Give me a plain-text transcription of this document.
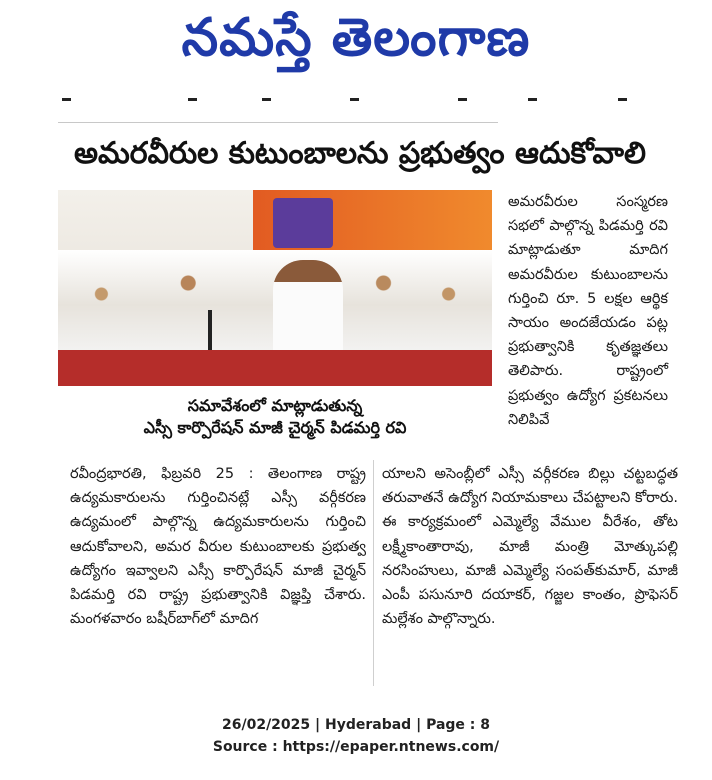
నమస్తే తెలంగాణ
అమరవీరుల కుటుంబాలను ప్రభుత్వం ఆదుకోవాలి
సమావేశంలో మాట్లాడుతున్న
ఎస్సీ కార్పొరేషన్ మాజీ చైర్మన్ పిడమర్తి రవి
అమరవీరుల సంస్మరణ సభలో పాల్గొన్న పిడమర్తి రవి మాట్లాడుతూ మాదిగ అమరవీరుల కుటుంబాలను గుర్తించి రూ. 5 లక్షల ఆర్థిక సాయం అందజేయడం పట్ల ప్రభుత్వానికి కృతజ్ఞతలు తెలిపారు. రాష్ట్రంలో ప్రభుత్వం ఉద్యోగ ప్రకటనలు నిలిపివే
రవీంద్రభారతి, ఫిబ్రవరి 25 : తెలంగాణ రాష్ట్ర ఉద్యమకారులను గుర్తించినట్లే ఎస్సీ వర్గీకరణ ఉద్యమంలో పాల్గొన్న ఉద్యమకారులను గుర్తించి ఆదుకోవాలని, అమర వీరుల కుటుంబాలకు ప్రభుత్వ ఉద్యోగం ఇవ్వాలని ఎస్సీ కార్పొరేషన్ మాజీ చైర్మన్ పిడమర్తి రవి రాష్ట్ర ప్రభుత్వానికి విజ్ఞప్తి చేశారు. మంగళవారం బషీర్‌బాగ్‌లో మాదిగ
యాలని అసెంబ్లీలో ఎస్సీ వర్గీకరణ బిల్లు చట్టబద్ధత తరువాతనే ఉద్యోగ నియామకాలు చేపట్టాలని కోరారు. ఈ కార్యక్రమంలో ఎమ్మెల్యే వేముల వీరేశం, తోట లక్ష్మీకాంతారావు, మాజీ మంత్రి మోత్కుపల్లి నరసింహులు, మాజీ ఎమ్మెల్యే సంపత్‌కుమార్, మాజీ ఎంపీ పసునూరి దయాకర్, గజ్జల కాంతం, ప్రొఫెసర్ మల్లేశం పాల్గొన్నారు.
26/02/2025 | Hyderabad | Page : 8
Source : https://epaper.ntnews.com/
